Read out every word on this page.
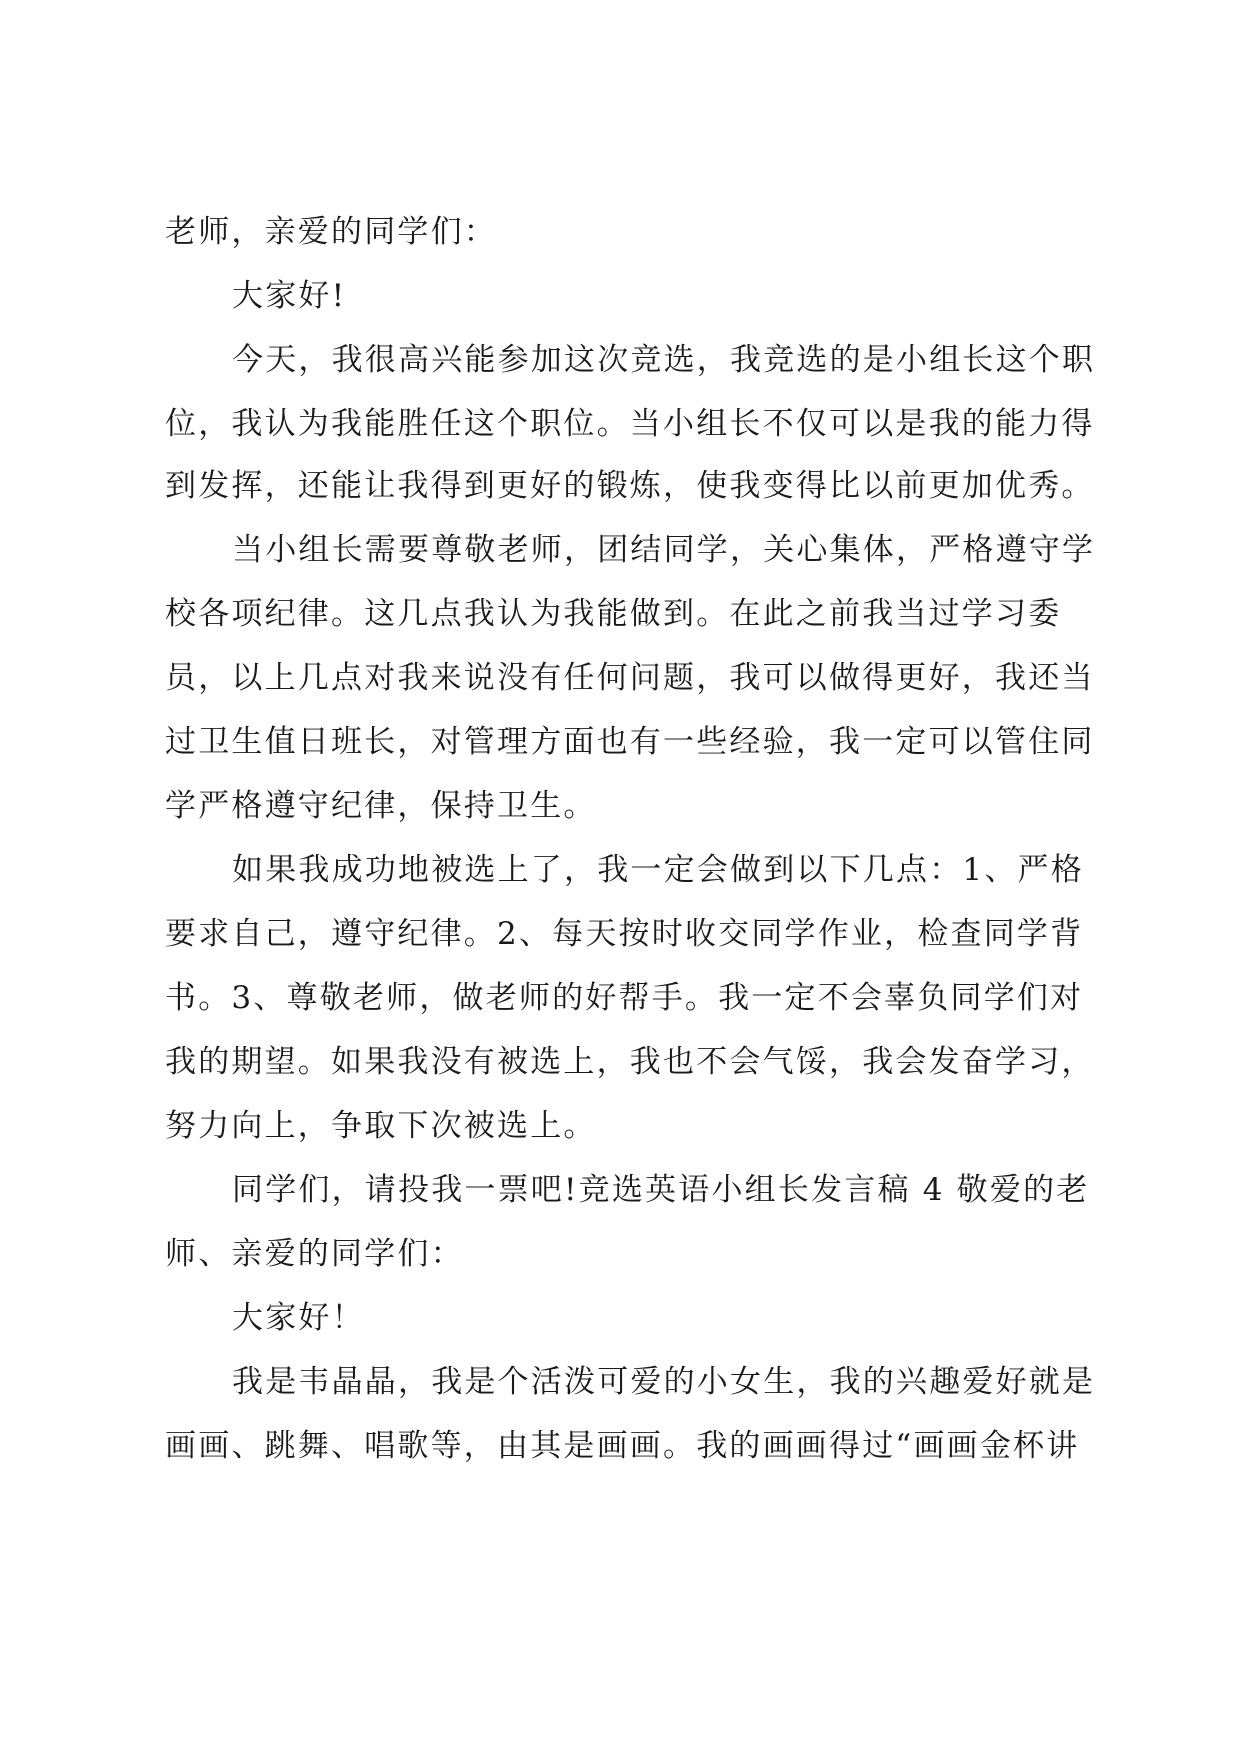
老师，亲爱的同学们：

大家好!

今天，我很高兴能参加这次竞选，我竞选的是小组长这个职

位，我认为我能胜任这个职位。当小组长不仅可以是我的能力得

到发挥，还能让我得到更好的锻炼，使我变得比以前更加优秀。

当小组长需要尊敬老师，团结同学，关心集体，严格遵守学

校各项纪律。这几点我认为我能做到。在此之前我当过学习委

员，以上几点对我来说没有任何问题，我可以做得更好，我还当

过卫生值日班长，对管理方面也有一些经验，我一定可以管住同

学严格遵守纪律，保持卫生。

如果我成功地被选上了，我一定会做到以下几点：1、严格

要求自己，遵守纪律。2、每天按时收交同学作业，检查同学背

书。3、尊敬老师，做老师的好帮手。我一定不会辜负同学们对

我的期望。如果我没有被选上，我也不会气馁，我会发奋学习，

努力向上，争取下次被选上。

同学们，请投我一票吧!竞选英语小组长发言稿 4 敬爱的老

师、亲爱的同学们：

大家好！

我是韦晶晶，我是个活泼可爱的小女生，我的兴趣爱好就是

画画、跳舞、唱歌等，由其是画画。我的画画得过“画画金杯讲
